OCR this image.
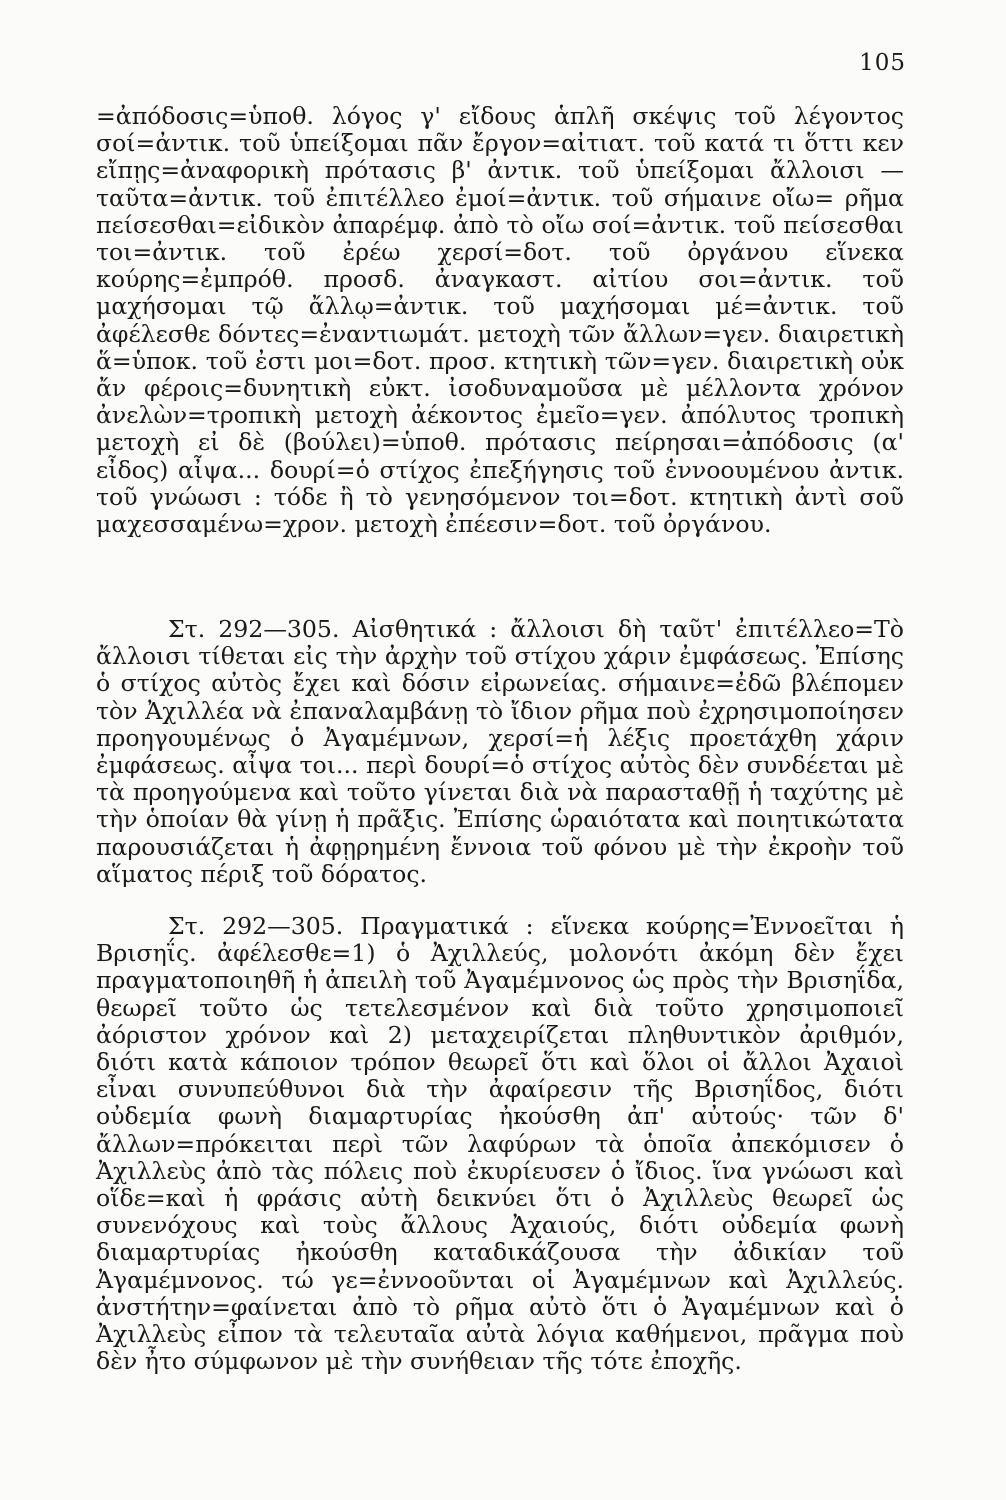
105
=ἀπόδοσις=ὑποθ. λόγος γ' εἴδους ἁπλῆ σκέψις τοῦ λέγοντος σοί=ἀντικ. τοῦ ὑπείξομαι πᾶν ἔργον=αἰτιατ. τοῦ κατά τι ὅττι κεν εἴπῃς=ἀναφορικὴ πρότασις β' ἀντικ. τοῦ ὑπείξομαι ἄλλοισι —ταῦτα=ἀντικ. τοῦ ἐπιτέλλεο ἐμοί=ἀντικ. τοῦ σήμαινε οἴω= ρῆμα πείσεσθαι=εἰδικὸν ἀπαρέμφ. ἀπὸ τὸ οἴω σοί=ἀντικ. τοῦ πείσεσθαι τοι=ἀντικ. τοῦ ἐρέω χερσί=δοτ. τοῦ ὀργάνου εἵνεκα κούρης=ἐμπρόθ. προσδ. ἀναγκαστ. αἰτίου σοι=ἀντικ. τοῦ μαχήσομαι τῷ ἄλλῳ=ἀντικ. τοῦ μαχήσομαι μέ=ἀντικ. τοῦ ἀφέλεσθε δόντες=ἐναντιωμάτ. μετοχὴ τῶν ἄλλων=γεν. διαιρετικὴ ἅ=ὑποκ. τοῦ ἐστι μοι=δοτ. προσ. κτητικὴ τῶν=γεν. διαιρετικὴ οὐκ ἄν φέροις=δυνητικὴ εὐκτ. ἰσοδυναμοῦσα μὲ μέλλοντα χρόνον ἀνελὼν=τροπικὴ μετοχὴ ἀέκοντος ἐμεῖο=γεν. ἀπόλυτος τροπικὴ μετοχὴ εἰ δὲ (βούλει)=ὑποθ. πρότασις πείρησαι=ἀπόδοσις (α' εἶδος) αἶψα... δουρί=ὁ στίχος ἐπεξήγησις τοῦ ἐννοουμένου ἀντικ. τοῦ γνώωσι : τόδε ἢ τὸ γενησόμενον τοι=δοτ. κτητικὴ ἀντὶ σοῦ μαχεσσαμένω=χρον. μετοχὴ ἐπέεσιν=δοτ. τοῦ ὀργάνου.
Στ. 292—305. Αἰσθητικά : ἄλλοισι δὴ ταῦτ' ἐπιτέλλεο=Τὸ ἄλλοισι τίθεται εἰς τὴν ἀρχὴν τοῦ στίχου χάριν ἐμφάσεως. Ἐπίσης ὁ στίχος αὐτὸς ἔχει καὶ δόσιν εἰρωνείας. σήμαινε=ἐδῶ βλέπομεν τὸν Ἀχιλλέα νὰ ἐπαναλαμβάνῃ τὸ ἴδιον ρῆμα ποὺ ἐχρησιμοποίησεν προηγουμένως ὁ Ἀγαμέμνων, χερσί=ἡ λέξις προετάχθη χάριν ἐμφάσεως. αἶψα τοι... περὶ δουρί=ὁ στίχος αὐτὸς δὲν συνδέεται μὲ τὰ προηγούμενα καὶ τοῦτο γίνεται διὰ νὰ παρασταθῇ ἡ ταχύτης μὲ τὴν ὁποίαν θὰ γίνῃ ἡ πρᾶξις. Ἐπίσης ὡραιότατα καὶ ποιητικώτατα παρουσιάζεται ἡ ἀφῃρημένη ἔννοια τοῦ φόνου μὲ τὴν ἐκροὴν τοῦ αἵματος πέριξ τοῦ δόρατος.
Στ. 292—305. Πραγματικά : εἵνεκα κούρης=Ἐννοεῖται ἡ Βρισηΐς. ἀφέλεσθε=1) ὁ Ἀχιλλεύς, μολονότι ἀκόμη δὲν ἔχει πραγματοποιηθῆ ἡ ἀπειλὴ τοῦ Ἀγαμέμνονος ὡς πρὸς τὴν Βρισηΐδα, θεωρεῖ τοῦτο ὡς τετελεσμένον καὶ διὰ τοῦτο χρησιμοποιεῖ ἀόριστον χρόνον καὶ 2) μεταχειρίζεται πληθυντικὸν ἀριθμόν, διότι κατὰ κάποιον τρόπον θεωρεῖ ὅτι καὶ ὅλοι οἱ ἄλλοι Ἀχαιοὶ εἶναι συνυπεύθυνοι διὰ τὴν ἀφαίρεσιν τῆς Βρισηΐδος, διότι οὐδεμία φωνὴ διαμαρτυρίας ἠκούσθη ἀπ' αὐτούς· τῶν δ' ἄλλων=πρόκειται περὶ τῶν λαφύρων τὰ ὁποῖα ἀπεκόμισεν ὁ Ἀχιλλεὺς ἀπὸ τὰς πόλεις ποὺ ἐκυρίευσεν ὁ ἴδιος. ἵνα γνώωσι καὶ οἵδε=καὶ ἡ φράσις αὐτὴ δεικνύει ὅτι ὁ Ἀχιλλεὺς θεωρεῖ ὡς συνενόχους καὶ τοὺς ἄλλους Ἀχαιούς, διότι οὐδεμία φωνὴ διαμαρτυρίας ἠκούσθη καταδικάζουσα τὴν ἀδικίαν τοῦ Ἀγαμέμνονος. τώ γε=ἐννοοῦνται οἱ Ἀγαμέμνων καὶ Ἀχιλλεύς. ἀνστήτην=φαίνεται ἀπὸ τὸ ρῆμα αὐτὸ ὅτι ὁ Ἀγαμέμνων καὶ ὁ Ἀχιλλεὺς εἶπον τὰ τελευταῖα αὐτὰ λόγια καθήμενοι, πρᾶγμα ποὺ δὲν ἦτο σύμφωνον μὲ τὴν συνήθειαν τῆς τότε ἐποχῆς.
